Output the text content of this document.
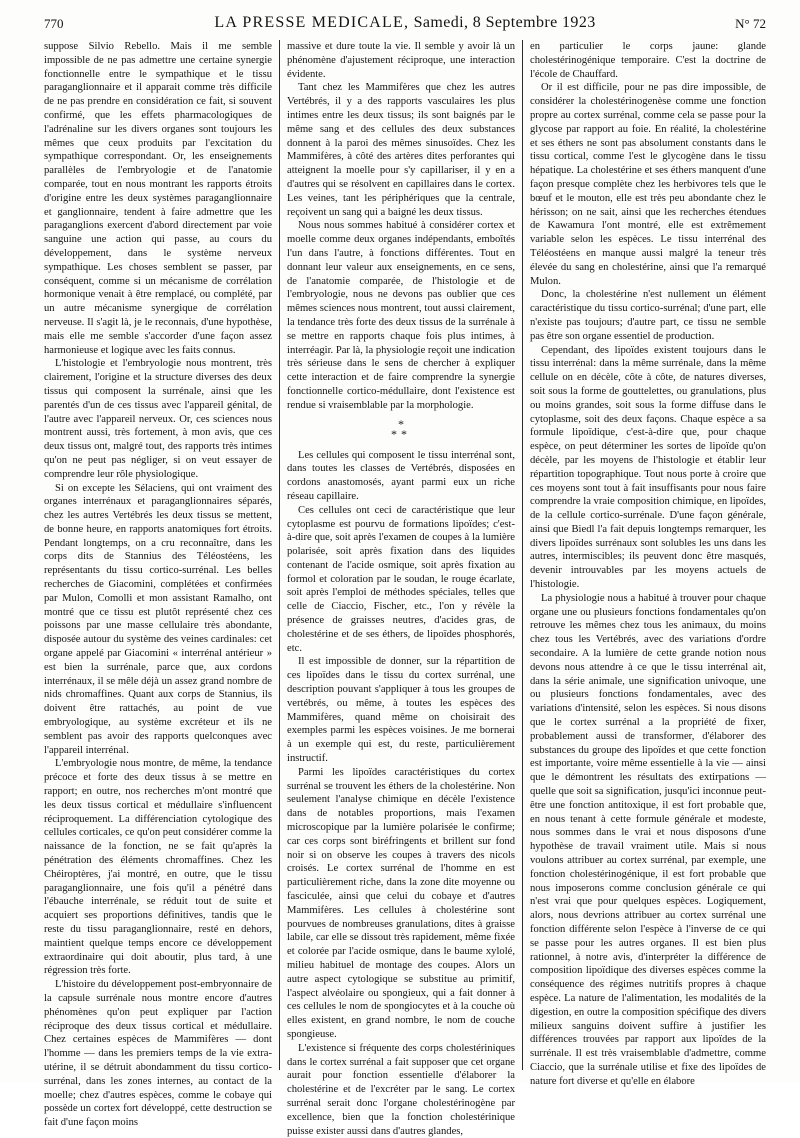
770	LA PRESSE MEDICALE, Samedi, 8 Septembre 1923	N° 72

suppose Silvio Rebello. Mais il me semble impossible de ne pas admettre une certaine synergie fonctionnelle entre le sympathique et le tissu paraganglionnaire et il apparait comme très difficile de ne pas prendre en considération ce fait, si souvent confirmé, que les effets pharmacologiques de l'adrénaline sur les divers organes sont toujours les mêmes que ceux produits par l'excitation du sympathique correspondant. Or, les enseignements parallèles de l'embryologie et de l'anatomie comparée, tout en nous montrant les rapports étroits d'origine entre les deux systèmes paraganglionnaire et ganglionnaire, tendent à faire admettre que les paraganglions exercent d'abord directement par voie sanguine une action qui passe, au cours du développement, dans le système nerveux sympathique. Les choses semblent se passer, par conséquent, comme si un mécanisme de corrélation hormonique venait à être remplacé, ou complété, par un autre mécanisme synergique de corrélation nerveuse. Il s'agit là, je le reconnais, d'une hypothèse, mais elle me semble s'accorder d'une façon assez harmonieuse et logique avec les faits connus.

L'histologie et l'embryologie nous montrent, très clairement, l'origine et la structure diverses des deux tissus qui composent la surrénale, ainsi que les parentés d'un de ces tissus avec l'appareil génital, de l'autre avec l'appareil nerveux. Or, ces sciences nous montrent aussi, très fortement, à mon avis, que ces deux tissus ont, malgré tout, des rapports très intimes qu'on ne peut pas négliger, si on veut essayer de comprendre leur rôle physiologique.

Si on excepte les Sélaciens, qui ont vraiment des organes interrénaux et paraganglionnaires séparés, chez les autres Vertébrés les deux tissus se mettent, de bonne heure, en rapports anatomiques fort étroits. Pendant longtemps, on a cru reconnaître, dans les corps dits de Stannius des Téléostéens, les représentants du tissu cortico-surrénal. Les belles recherches de Giacomini, complétées et confirmées par Mulon, Comolli et mon assistant Ramalho, ont montré que ce tissu est plutôt représenté chez ces poissons par une masse cellulaire très abondante, disposée autour du système des veines cardinales: cet organe appelé par Giacomini « interrénal antérieur » est bien la surrénale, parce que, aux cordons interrénaux, il se mêle déjà un assez grand nombre de nids chromaffines. Quant aux corps de Stannius, ils doivent être rattachés, au point de vue embryologique, au système excréteur et ils ne semblent pas avoir des rapports quelconques avec l'appareil interrénal.

L'embryologie nous montre, de même, la tendance précoce et forte des deux tissus à se mettre en rapport; en outre, nos recherches m'ont montré que les deux tissus cortical et médullaire s'influencent réciproquement. La différenciation cytologique des cellules corticales, ce qu'on peut considérer comme la naissance de la fonction, ne se fait qu'après la pénétration des éléments chromaffines. Chez les Chéiroptères, j'ai montré, en outre, que le tissu paraganglionnaire, une fois qu'il a pénétré dans l'ébauche interrénale, se réduit tout de suite et acquiert ses proportions définitives, tandis que le reste du tissu paraganglionnaire, resté en dehors, maintient quelque temps encore ce développement extraordinaire qui doit aboutir, plus tard, à une régression très forte.

L'histoire du développement post-embryonnaire de la capsule surrénale nous montre encore d'autres phénomènes qu'on peut expliquer par l'action réciproque des deux tissus cortical et médullaire. Chez certaines espèces de Mammifères — dont l'homme — dans les premiers temps de la vie extra-utérine, il se détruit abondamment du tissu cortico-surrénal, dans les zones internes, au contact de la moelle; chez d'autres espèces, comme le cobaye qui possède un cortex fort développé, cette destruction se fait d'une façon moins

massive et dure toute la vie. Il semble y avoir là un phénomène d'ajustement réciproque, une interaction évidente.

Tant chez les Mammifères que chez les autres Vertébrés, il y a des rapports vasculaires les plus intimes entre les deux tissus; ils sont baignés par le même sang et des cellules des deux substances donnent à la paroi des mêmes sinusoïdes. Chez les Mammifères, à côté des artères dites perforantes qui atteignent la moelle pour s'y capillariser, il y en a d'autres qui se résolvent en capillaires dans le cortex. Les veines, tant les périphériques que la centrale, reçoivent un sang qui a baigné les deux tissus.

Nous nous sommes habitué à considérer cortex et moelle comme deux organes indépendants, emboîtés l'un dans l'autre, à fonctions différentes. Tout en donnant leur valeur aux enseignements, en ce sens, de l'anatomie comparée, de l'histologie et de l'embryologie, nous ne devons pas oublier que ces mêmes sciences nous montrent, tout aussi clairement, la tendance très forte des deux tissus de la surrénale à se mettre en rapports chaque fois plus intimes, à interréagir. Par là, la physiologie reçoit une indication très sérieuse dans le sens de chercher à expliquer cette interaction et de faire comprendre la synergie fonctionnelle cortico-médullaire, dont l'existence est rendue si vraisemblable par la morphologie.

*
**

Les cellules qui composent le tissu interrénal sont, dans toutes les classes de Vertébrés, disposées en cordons anastomosés, ayant parmi eux un riche réseau capillaire.

Ces cellules ont ceci de caractéristique que leur cytoplasme est pourvu de formations lipoïdes; c'est-à-dire que, soit après l'examen de coupes à la lumière polarisée, soit après fixation dans des liquides contenant de l'acide osmique, soit après fixation au formol et coloration par le soudan, le rouge écarlate, soit après l'emploi de méthodes spéciales, telles que celle de Ciaccio, Fischer, etc., l'on y révèle la présence de graisses neutres, d'acides gras, de cholestérine et de ses éthers, de lipoïdes phosphorés, etc.

Il est impossible de donner, sur la répartition de ces lipoïdes dans le tissu du cortex surrénal, une description pouvant s'appliquer à tous les groupes de vertébrés, ou même, à toutes les espèces des Mammifères, quand même on choisirait des exemples parmi les espèces voisines. Je me bornerai à un exemple qui est, du reste, particulièrement instructif.

Parmi les lipoïdes caractéristiques du cortex surrénal se trouvent les éthers de la cholestérine. Non seulement l'analyse chimique en décèle l'existence dans de notables proportions, mais l'examen microscopique par la lumière polarisée le confirme; car ces corps sont biréfringents et brillent sur fond noir si on observe les coupes à travers des nicols croisés. Le cortex surrénal de l'homme en est particulièrement riche, dans la zone dite moyenne ou fasciculée, ainsi que celui du cobaye et d'autres Mammifères. Les cellules à cholestérine sont pourvues de nombreuses granulations, dites à graisse labile, car elle se dissout très rapidement, même fixée et colorée par l'acide osmique, dans le baume xylolé, milieu habituel de montage des coupes. Alors un autre aspect cytologique se substitue au primitif, l'aspect alvéolaire ou spongieux, qui a fait donner à ces cellules le nom de spongiocytes et à la couche où elles existent, en grand nombre, le nom de couche spongieuse.

L'existence si fréquente des corps cholestériniques dans le cortex surrénal a fait supposer que cet organe aurait pour fonction essentielle d'élaborer la cholestérine et de l'excréter par le sang. Le cortex surrénal serait donc l'organe cholestérinogène par excellence, bien que la fonction cholestérinique puisse exister aussi dans d'autres glandes,

en particulier le corps jaune: glande cholestérinogénique temporaire. C'est la doctrine de l'école de Chauffard.

Or il est difficile, pour ne pas dire impossible, de considérer la cholestérinogenèse comme une fonction propre au cortex surrénal, comme cela se passe pour la glycose par rapport au foie. En réalité, la cholestérine et ses éthers ne sont pas absolument constants dans le tissu cortical, comme l'est le glycogène dans le tissu hépatique. La cholestérine et ses éthers manquent d'une façon presque complète chez les herbivores tels que le bœuf et le mouton, elle est très peu abondante chez le hérisson; on ne sait, ainsi que les recherches étendues de Kawamura l'ont montré, elle est extrêmement variable selon les espèces. Le tissu interrénal des Téléostéens en manque aussi malgré la teneur très élevée du sang en cholestérine, ainsi que l'a remarqué Mulon.

Donc, la cholestérine n'est nullement un élément caractéristique du tissu cortico-surrénal; d'une part, elle n'existe pas toujours; d'autre part, ce tissu ne semble pas être son organe essentiel de production.

Cependant, des lipoïdes existent toujours dans le tissu interrénal: dans la même surrénale, dans la même cellule on en décèle, côte à côte, de natures diverses, soit sous la forme de gouttelettes, ou granulations, plus ou moins grandes, soit sous la forme diffuse dans le cytoplasme, soit des deux façons. Chaque espèce a sa formule lipoïdique, c'est-à-dire que, pour chaque espèce, on peut déterminer les sortes de lipoïde qu'on décèle, par les moyens de l'histologie et établir leur répartition topographique. Tout nous porte à croire que ces moyens sont tout à fait insuffisants pour nous faire comprendre la vraie composition chimique, en lipoïdes, de la cellule cortico-surrénale. D'une façon générale, ainsi que Biedl l'a fait depuis longtemps remarquer, les divers lipoïdes surrénaux sont solubles les uns dans les autres, intermiscibles; ils peuvent donc être masqués, devenir introuvables par les moyens actuels de l'histologie.

La physiologie nous a habitué à trouver pour chaque organe une ou plusieurs fonctions fondamentales qu'on retrouve les mêmes chez tous les animaux, du moins chez tous les Vertébrés, avec des variations d'ordre secondaire. A la lumière de cette grande notion nous devons nous attendre à ce que le tissu interrénal ait, dans la série animale, une signification univoque, une ou plusieurs fonctions fondamentales, avec des variations d'intensité, selon les espèces. Si nous disons que le cortex surrénal a la propriété de fixer, probablement aussi de transformer, d'élaborer des substances du groupe des lipoïdes et que cette fonction est importante, voire même essentielle à la vie — ainsi que le démontrent les résultats des extirpations — quelle que soit sa signification, jusqu'ici inconnue peut-être une fonction antitoxique, il est fort probable que, en nous tenant à cette formule générale et modeste, nous sommes dans le vrai et nous disposons d'une hypothèse de travail vraiment utile. Mais si nous voulons attribuer au cortex surrénal, par exemple, une fonction cholestérinogénique, il est fort probable que nous imposerons comme conclusion générale ce qui n'est vrai que pour quelques espèces. Logiquement, alors, nous devrions attribuer au cortex surrénal une fonction différente selon l'espèce à l'inverse de ce qui se passe pour les autres organes. Il est bien plus rationnel, à notre avis, d'interpréter la différence de composition lipoïdique des diverses espèces comme la conséquence des régimes nutritifs propres à chaque espèce. La nature de l'alimentation, les modalités de la digestion, en outre la composition spécifique des divers milieux sanguins doivent suffire à justifier les différences trouvées par rapport aux lipoïdes de la surrénale. Il est très vraisemblable d'admettre, comme Ciaccio, que la surrénale utilise et fixe des lipoïdes de nature fort diverse et qu'elle en élabore
